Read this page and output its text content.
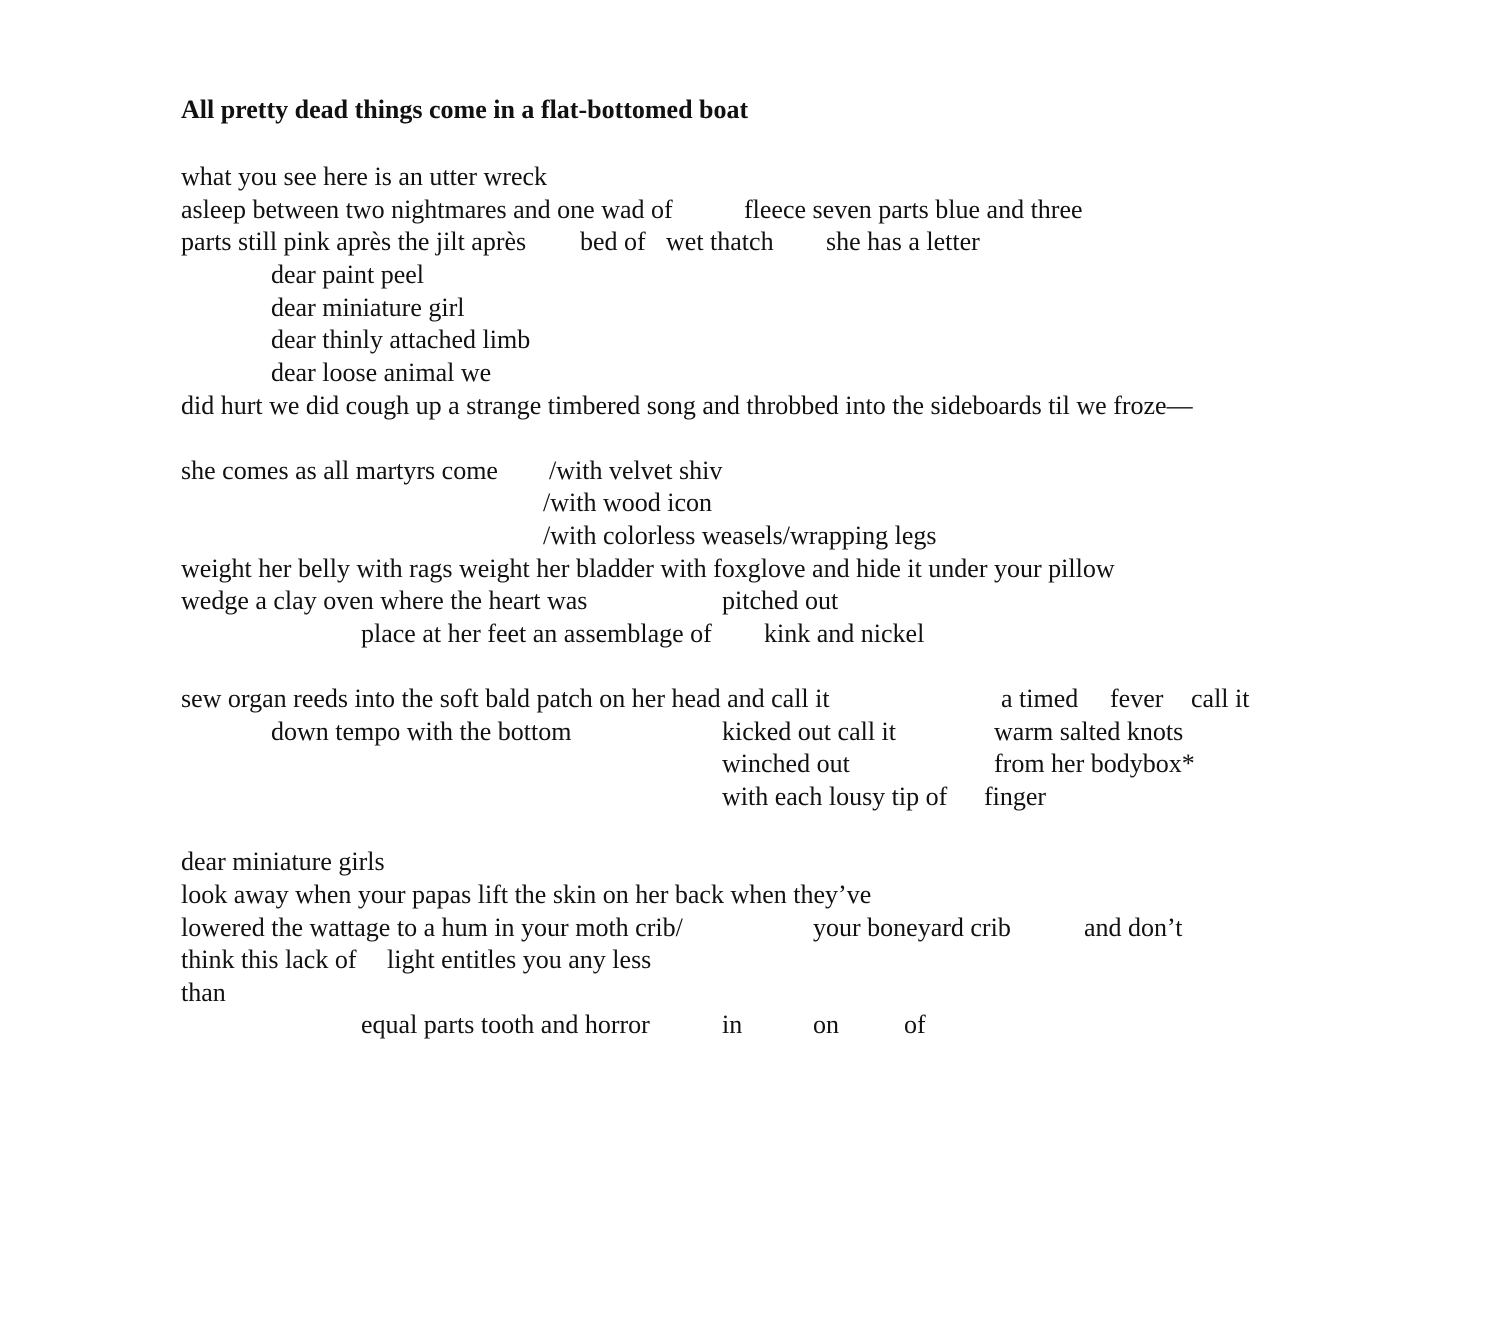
All pretty dead things come in a flat-bottomed boat
what you see here is an utter wreck
asleep between two nightmares and one wad of	fleece seven parts blue and three
parts still pink après the jilt après bed of wet thatch she has a letter
dear paint peel
dear miniature girl
dear thinly attached limb
dear loose animal we
did hurt we did cough up a strange timbered song and throbbed into the sideboards til we froze—
she comes as all martyrs come /with velvet shiv
/with wood icon
/with colorless weasels/wrapping legs
weight her belly with rags weight her bladder with foxglove and hide it under your pillow
wedge a clay oven where the heart was	pitched out
place at her feet an assemblage of kink and nickel
sew organ reeds into the soft bald patch on her head and call it	a timed fever call it
down tempo with the bottom	kicked out call it	warm salted knots
winched out	from her bodybox*
with each lousy tip of finger
dear miniature girls
look away when your papas lift the skin on her back when they’ve
lowered the wattage to a hum in your moth crib/	your boneyard crib	and don’t
think this lack of light entitles you any less
than
equal parts tooth and horror	in	on	of
